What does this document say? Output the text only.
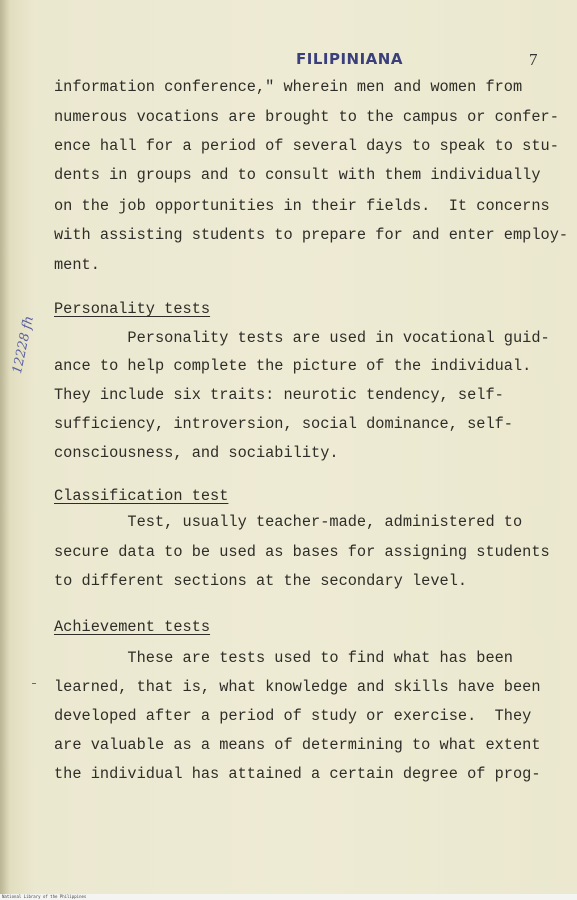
FILIPINIANA	7
12228 fh
information conference," wherein men and women from
numerous vocations are brought to the campus or confer-
ence hall for a period of several days to speak to stu-
dents in groups and to consult with them individually
on the job opportunities in their fields.  It concerns
with assisting students to prepare for and enter employ-
ment.
Personality tests
Personality tests are used in vocational guid-
ance to help complete the picture of the individual.
They include six traits: neurotic tendency, self-
sufficiency, introversion, social dominance, self-
consciousness, and sociability.
Classification test
Test, usually teacher-made, administered to
secure data to be used as bases for assigning students
to different sections at the secondary level.
Achievement tests
These are tests used to find what has been
learned, that is, what knowledge and skills have been
developed after a period of study or exercise.  They
are valuable as a means of determining to what extent
the individual has attained a certain degree of prog-
National Library of the Philippines
